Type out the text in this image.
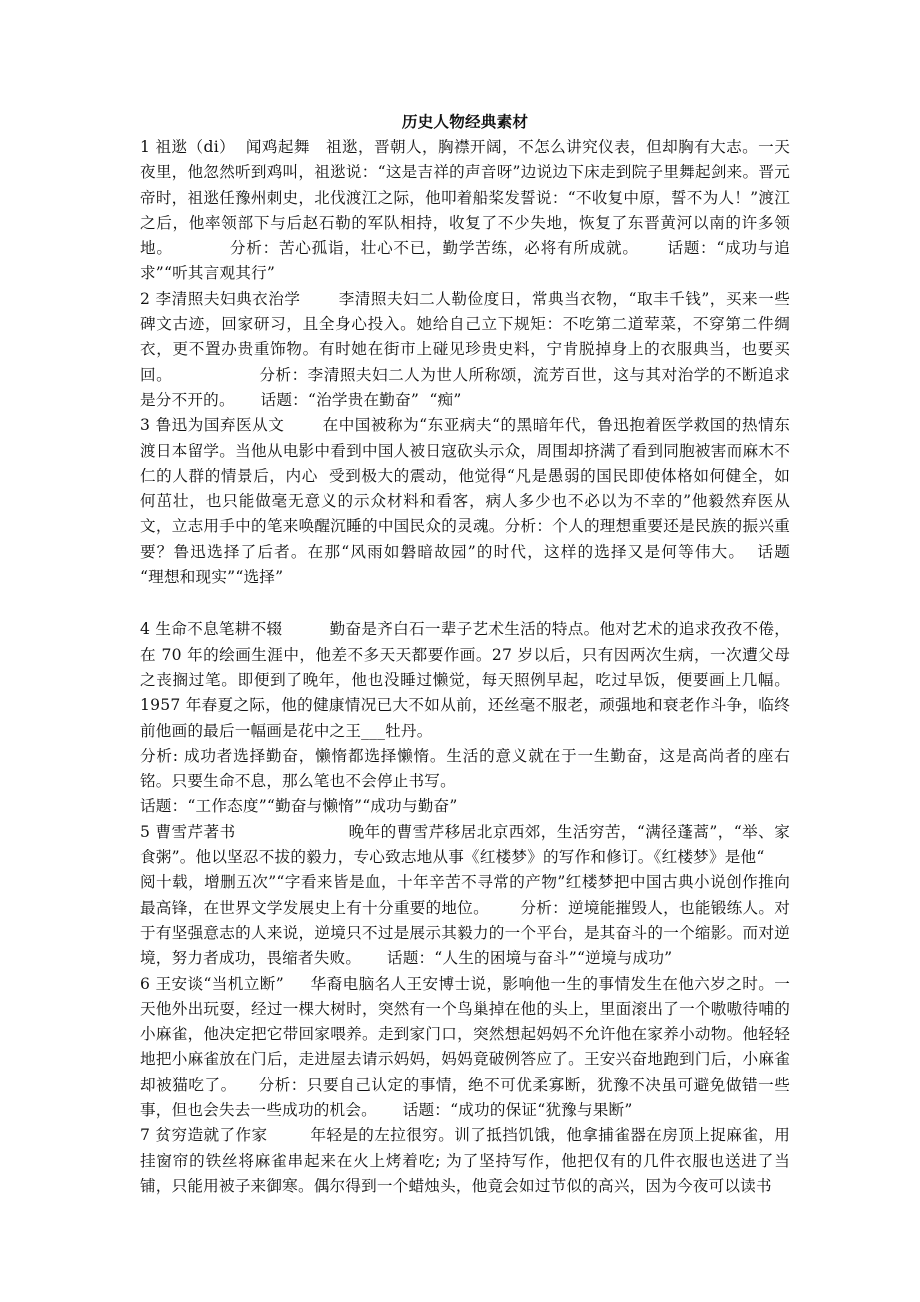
历史人物经典素材

1 祖逖（di）  闻鸡起舞   祖逖，晋朝人，胸襟开阔，不怎么讲究仪表，但却胸有大志。一天夜里，他忽然听到鸡叫，祖逖说：“这是吉祥的声音呀”边说边下床走到院子里舞起剑来。晋元帝时，祖逖任豫州刺史，北伐渡江之际，他叩着船桨发誓说：“不收复中原，誓不为人！”渡江之后，他率领部下与后赵石勒的军队相持，收复了不少失地，恢复了东晋黄河以南的许多领地。          分析：苦心孤诣，壮心不已，勤学苦练，必将有所成就。     话题：“成功与追求”“听其言观其行”

2 李清照夫妇典衣治学       李清照夫妇二人勒俭度日，常典当衣物，“取丰千钱”，买来一些碑文古迹，回家研习，且全身心投入。她给自己立下规矩：不吃第二道荤菜，不穿第二件绸衣，更不置办贵重饰物。有时她在街市上碰见珍贵史料，宁肯脱掉身上的衣服典当，也要买回。                分析：李清照夫妇二人为世人所称颂，流芳百世，这与其对治学的不断追求是分不开的。     话题：“治学贵在勤奋”  “痴”

3 鲁迅为国弃医从文       在中国被称为“东亚病夫“的黑暗年代，鲁迅抱着医学救国的热情东渡日本留学。当他从电影中看到中国人被日寇砍头示众，周围却挤满了看到同胞被害而麻木不仁的人群的情景后，内心  受到极大的震动，他觉得“凡是愚弱的国民即使体格如何健全，如何茁壮，也只能做毫无意义的示众材料和看客，病人多少也不必以为不幸的”他毅然弃医从文，立志用手中的笔来唤醒沉睡的中国民众的灵魂。分析：个人的理想重要还是民族的振兴重要？鲁迅选择了后者。在那“风雨如磐暗故园”的时代，这样的选择又是何等伟大。  话题     “理想和现实”“选择”

4 生命不息笔耕不辍         勤奋是齐白石一辈子艺术生活的特点。他对艺术的追求孜孜不倦，在 70 年的绘画生涯中，他差不多天天都要作画。27 岁以后，只有因两次生病，一次遭父母之丧搁过笔。即便到了晚年，他也没睡过懒觉，每天照例早起，吃过早饭，便要画上几幅。1957 年春夏之际，他的健康情况已大不如从前，还丝毫不服老，顽强地和衰老作斗争，临终前他画的最后一幅画是花中之王___牡丹。

分析: 成功者选择勤奋，懒惰都选择懒惰。生活的意义就在于一生勤奋，这是高尚者的座右铭。只要生命不息，那么笔也不会停止书写。

话题：“工作态度”“勤奋与懒惰”“成功与勤奋”

5 曹雪芹著书                     晚年的曹雪芹移居北京西郊，生活穷苦，“满径蓬蒿”，“举、家食粥”。他以坚忍不拔的毅力，专心致志地从事《红楼梦》的写作和修订。《红楼梦》是他“

阅十载，增删五次”“字看来皆是血，十年辛苦不寻常的产物”红楼梦把中国古典小说创作推向最高锋，在世界文学发展史上有十分重要的地位。      分析：逆境能摧毁人，也能锻练人。对于有坚强意志的人来说，逆境只不过是展示其毅力的一个平台，是其奋斗的一个缩影。而对逆境，努力者成功，畏缩者失败。     话题：“人生的困境与奋斗”“逆境与成功”

6 王安谈“当机立断”     华裔电脑名人王安博士说，影响他一生的事情发生在他六岁之时。一天他外出玩耍，经过一棵大树时，突然有一个鸟巢掉在他的头上，里面滚出了一个嗷嗷待哺的小麻雀，他决定把它带回家喂养。走到家门口，突然想起妈妈不允许他在家养小动物。他轻轻地把小麻雀放在门后，走进屋去请示妈妈，妈妈竟破例答应了。王安兴奋地跑到门后，小麻雀却被猫吃了。    分析：只要自己认定的事情，绝不可优柔寡断，犹豫不决虽可避免做错一些事，但也会失去一些成功的机会。     话题：“成功的保证“犹豫与果断”

7 贫穷造就了作家        年轻是的左拉很穷。训了抵挡饥饿，他拿捕雀器在房顶上捉麻雀，用挂窗帘的铁丝将麻雀串起来在火上烤着吃; 为了坚持写作，他把仅有的几件衣服也送进了当铺，只能用被子来御寒。偶尔得到一个蜡烛头，他竟会如过节似的高兴，因为今夜可以读书
